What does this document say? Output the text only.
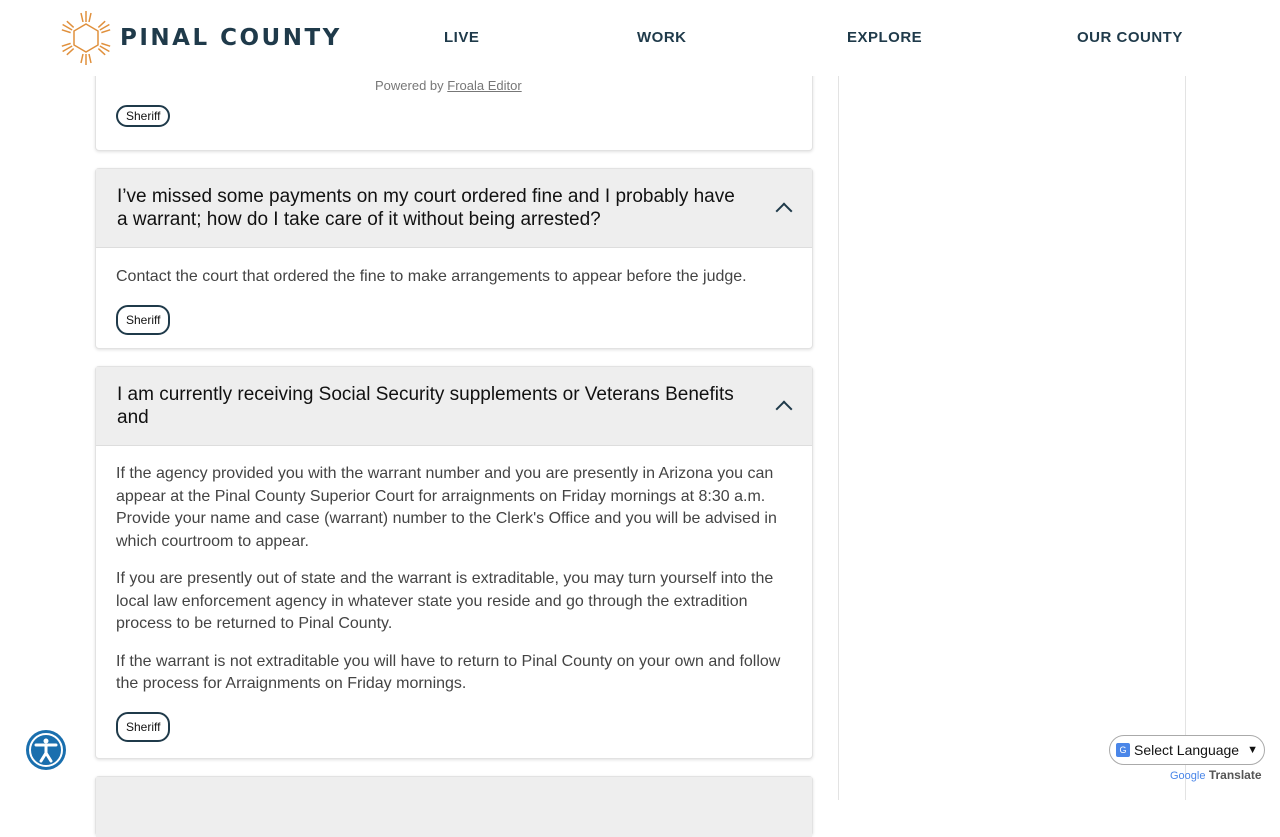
PINAL COUNTY	LIVE	WORK	EXPLORE	OUR COUNTY
Sheriff
Powered by Froala Editor
I’ve missed some payments on my court ordered fine and I probably have a warrant; how do I take care of it without being arrested?

Contact the court that ordered the fine to make arrangements to appear before the judge.

Sheriff
I am currently receiving Social Security supplements or Veterans Benefits and

If the agency provided you with the warrant number and you are presently in Arizona you can appear at the Pinal County Superior Court for arraignments on Friday mornings at 8:30 a.m. Provide your name and case (warrant) number to the Clerk's Office and you will be advised in which courtroom to appear.

If you are presently out of state and the warrant is extraditable, you may turn yourself into the local law enforcement agency in whatever state you reside and go through the extradition process to be returned to Pinal County.

If the warrant is not extraditable you will have to return to Pinal County on your own and follow the process for Arraignments on Friday mornings.

Sheriff
G Select Language ▼
Google Translate
